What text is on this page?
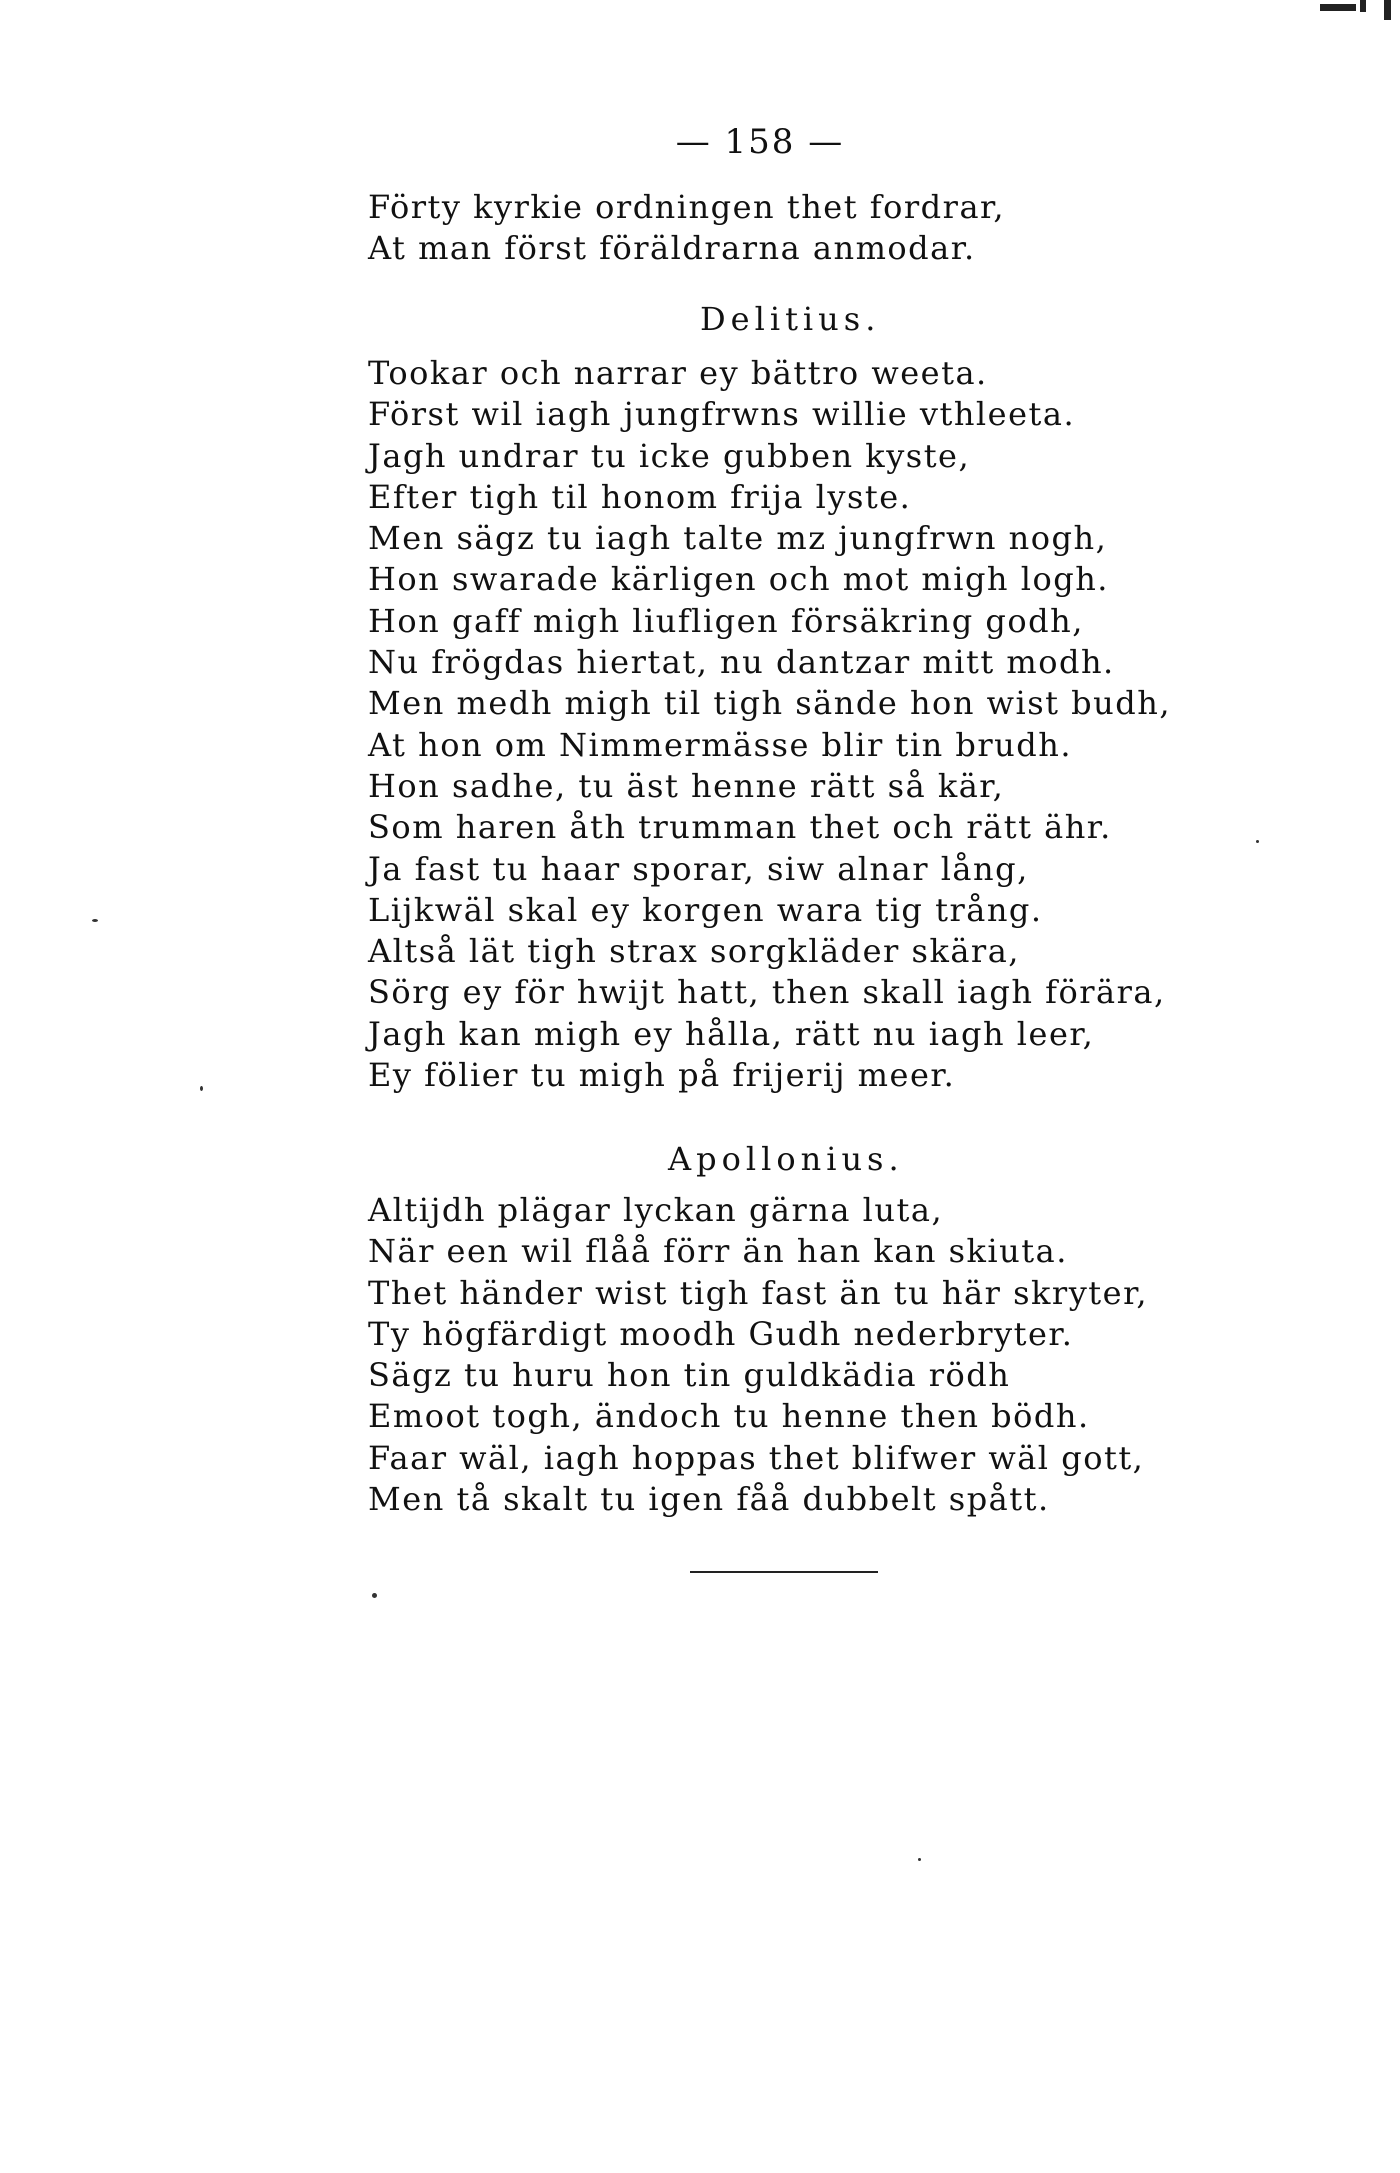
— 158 —
Förty kyrkie ordningen thet fordrar,
At man först föräldrarna anmodar.
Delitius.
Tookar och narrar ey bättro weeta.
Först wil iagh jungfrwns willie vthleeta.
Jagh undrar tu icke gubben kyste,
Efter tigh til honom frija lyste.
Men sägz tu iagh talte mz jungfrwn nogh,
Hon swarade kärligen och mot migh logh.
Hon gaff migh liufligen försäkring godh,
Nu frögdas hiertat, nu dantzar mitt modh.
Men medh migh til tigh sände hon wist budh,
At hon om Nimmermässe blir tin brudh.
Hon sadhe, tu äst henne rätt så kär,
Som haren åth trumman thet och rätt ähr.
Ja fast tu haar sporar, siw alnar lång,
Lijkwäl skal ey korgen wara tig trång.
Altså lät tigh strax sorgkläder skära,
Sörg ey för hwijt hatt, then skall iagh förära,
Jagh kan migh ey hålla, rätt nu iagh leer,
Ey fölier tu migh på frijerij meer.
Apollonius.
Altijdh plägar lyckan gärna luta,
När een wil flåå förr än han kan skiuta.
Thet händer wist tigh fast än tu här skryter,
Ty högfärdigt moodh Gudh nederbryter.
Sägz tu huru hon tin guldkädia rödh
Emoot togh, ändoch tu henne then bödh.
Faar wäl, iagh hoppas thet blifwer wäl gott,
Men tå skalt tu igen fåå dubbelt spått.
